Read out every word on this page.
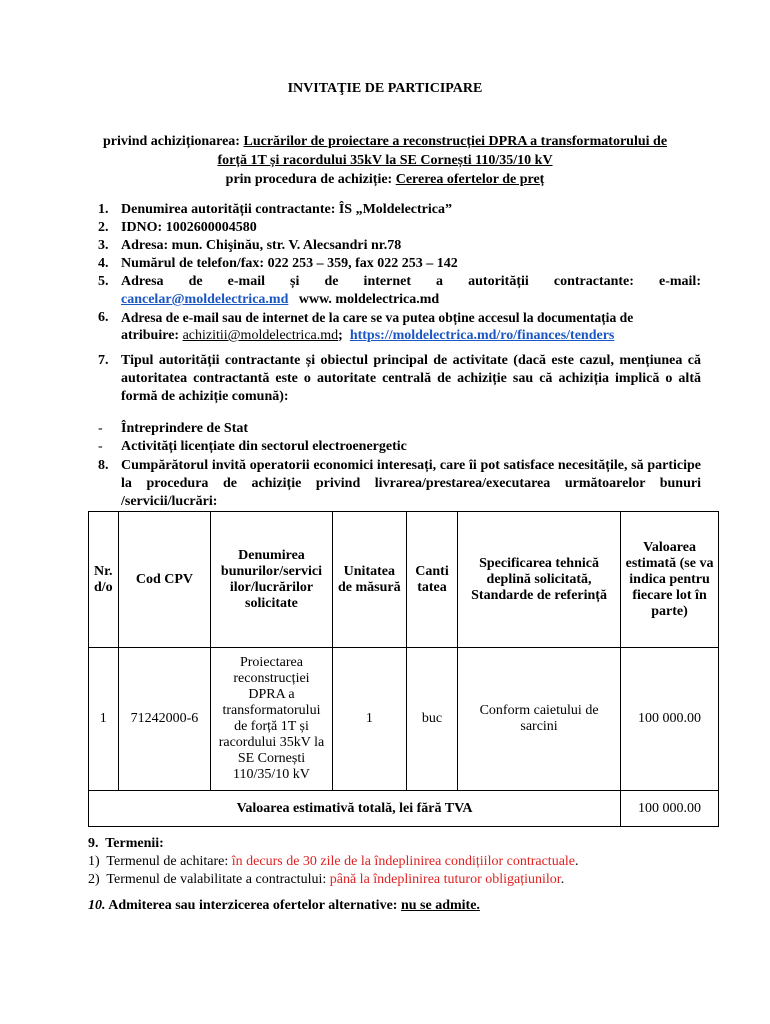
INVITAŢIE DE PARTICIPARE
privind achiziționarea: Lucrărilor de proiectare a reconstrucției DPRA a transformatorului de
forță 1T și racordului 35kV la SE Cornești 110/35/10 kV
prin procedura de achiziție: Cererea ofertelor de preț
1. Denumirea autorității contractante: ÎS „Moldelectrica”
2. IDNO: 1002600004580
3. Adresa: mun. Chişinău, str. V. Alecsandri nr.78
4. Numărul de telefon/fax: 022 253 – 359, fax 022 253 – 142
5. Adresa de e-mail și de internet a autorității contractante: e-mail:
cancelar@moldelectrica.md www. moldelectrica.md
6. Adresa de e-mail sau de internet de la care se va putea obține accesul la documentația de
atribuire: achizitii@moldelectrica.md; https://moldelectrica.md/ro/finances/tenders
7. Tipul autorității contractante și obiectul principal de activitate (dacă este cazul, mențiunea că autoritatea contractantă este o autoritate centrală de achiziție sau că achiziția implică o altă formă de achiziție comună):
- Întreprindere de Stat
- Activități licențiate din sectorul electroenergetic
8. Cumpărătorul invită operatorii economici interesați, care îi pot satisface necesitățile, să participe la procedura de achiziție privind livrarea/prestarea/executarea următoarelor bunuri /servicii/lucrări:
Nr. d/o	Cod CPV	Denumirea bunurilor/servici ilor/lucrărilor solicitate	Unitatea de măsură	Canti tatea	Specificarea tehnică deplină solicitată, Standarde de referință	Valoarea estimată (se va indica pentru fiecare lot în parte)
1	71242000-6	Proiectarea reconstrucției DPRA a transformatorului de forță 1T și racordului 35kV la SE Cornești 110/35/10 kV	1	buc	Conform caietului de sarcini	100 000.00
Valoarea estimativă totală, lei fără TVA						100 000.00
9. Termenii:
1) Termenul de achitare: în decurs de 30 zile de la îndeplinirea condițiilor contractuale.
2) Termenul de valabilitate a contractului: până la îndeplinirea tuturor obligațiunilor.
10. Admiterea sau interzicerea ofertelor alternative: nu se admite.
